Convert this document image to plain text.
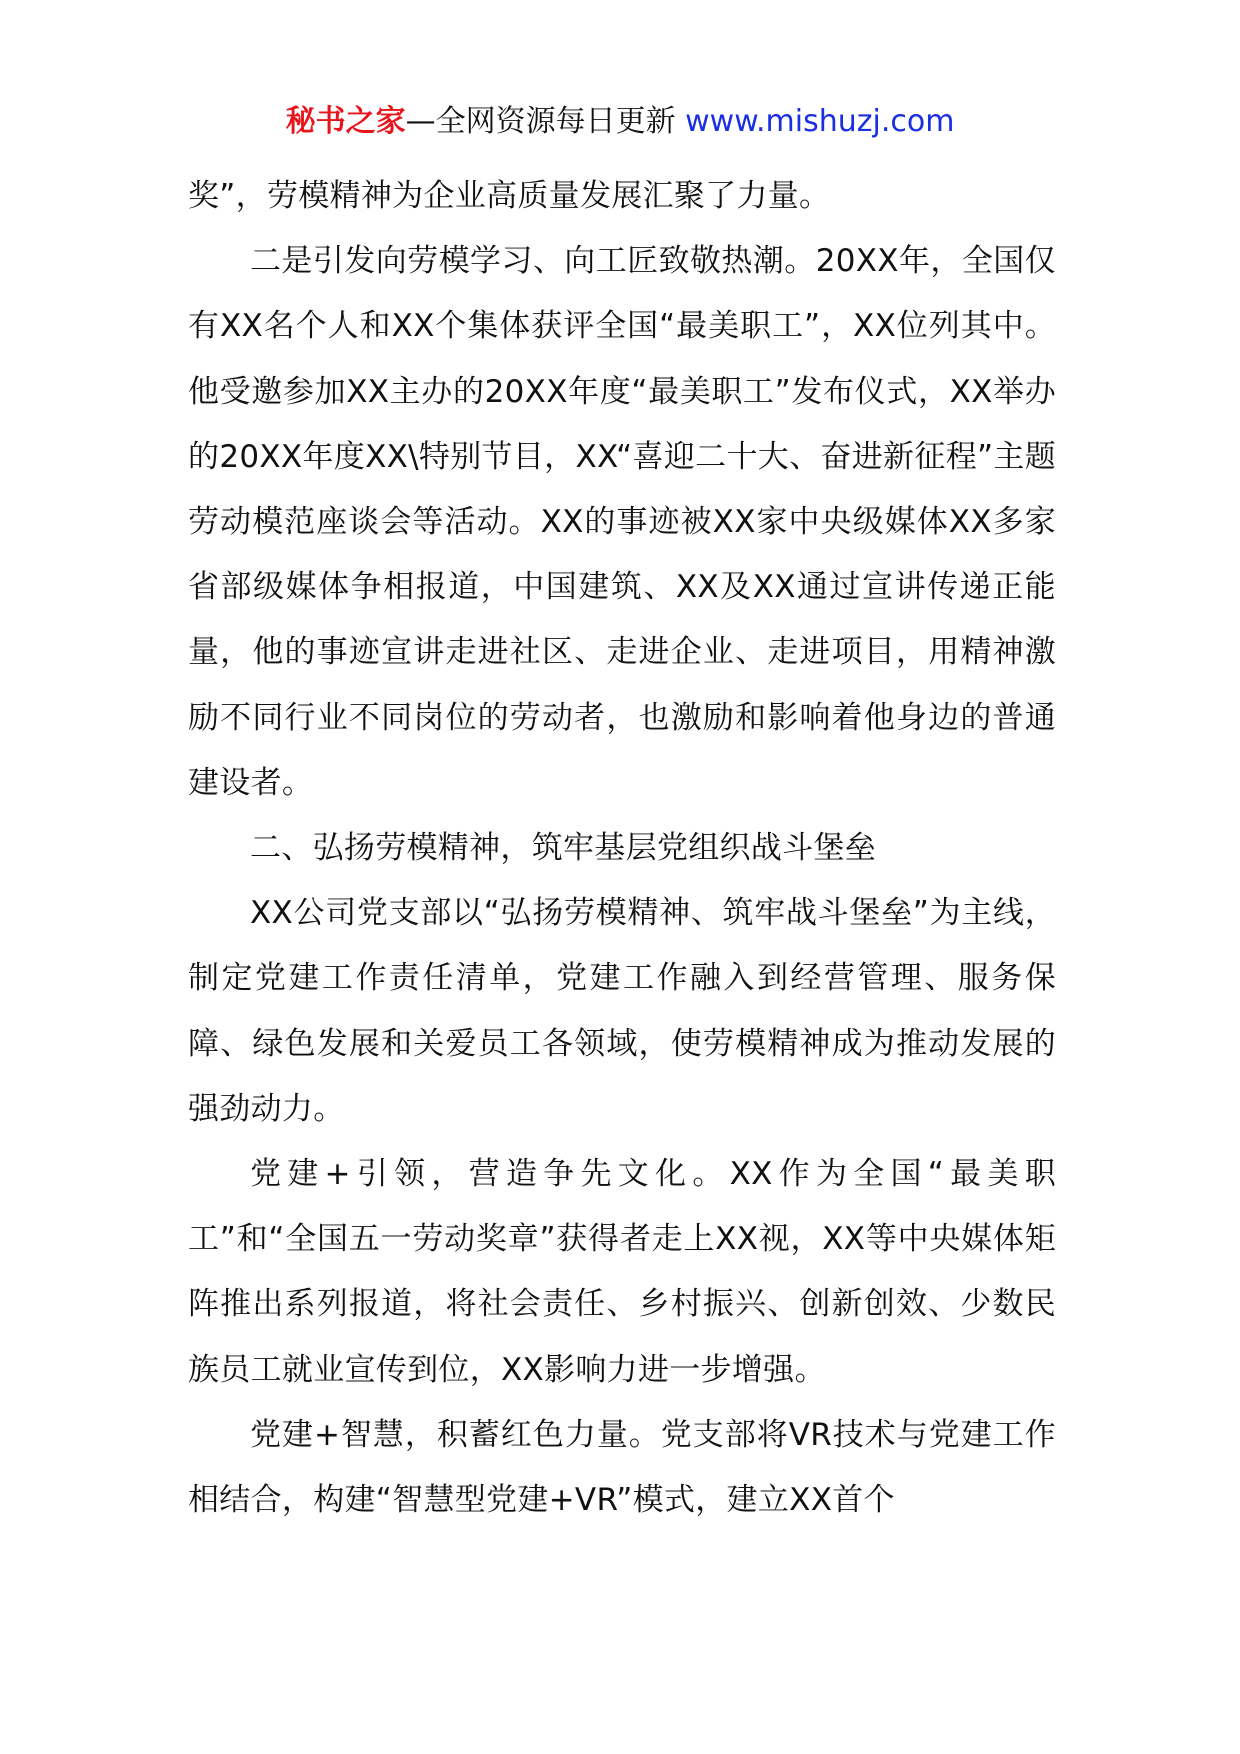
秘书之家—全网资源每日更新 www.mishuzj.com

奖”，劳模精神为企业高质量发展汇聚了力量。

二是引发向劳模学习、向工匠致敬热潮。20XX年，全国仅有XX名个人和XX个集体获评全国“最美职工”，XX位列其中。他受邀参加XX主办的20XX年度“最美职工”发布仪式，XX举办的20XX年度XX\特别节目，XX“喜迎二十大、奋进新征程”主题劳动模范座谈会等活动。XX的事迹被XX家中央级媒体XX多家省部级媒体争相报道，中国建筑、XX及XX通过宣讲传递正能量，他的事迹宣讲走进社区、走进企业、走进项目，用精神激励不同行业不同岗位的劳动者，也激励和影响着他身边的普通建设者。

二、弘扬劳模精神，筑牢基层党组织战斗堡垒

XX公司党支部以“弘扬劳模精神、筑牢战斗堡垒”为主线，制定党建工作责任清单，党建工作融入到经营管理、服务保障、绿色发展和关爱员工各领域，使劳模精神成为推动发展的强劲动力。

党建+引领，营造争先文化。XX作为全国“最美职工”和“全国五一劳动奖章”获得者走上XX视，XX等中央媒体矩阵推出系列报道，将社会责任、乡村振兴、创新创效、少数民族员工就业宣传到位，XX影响力进一步增强。

党建+智慧，积蓄红色力量。党支部将VR技术与党建工作相结合，构建“智慧型党建+VR”模式，建立XX首个
